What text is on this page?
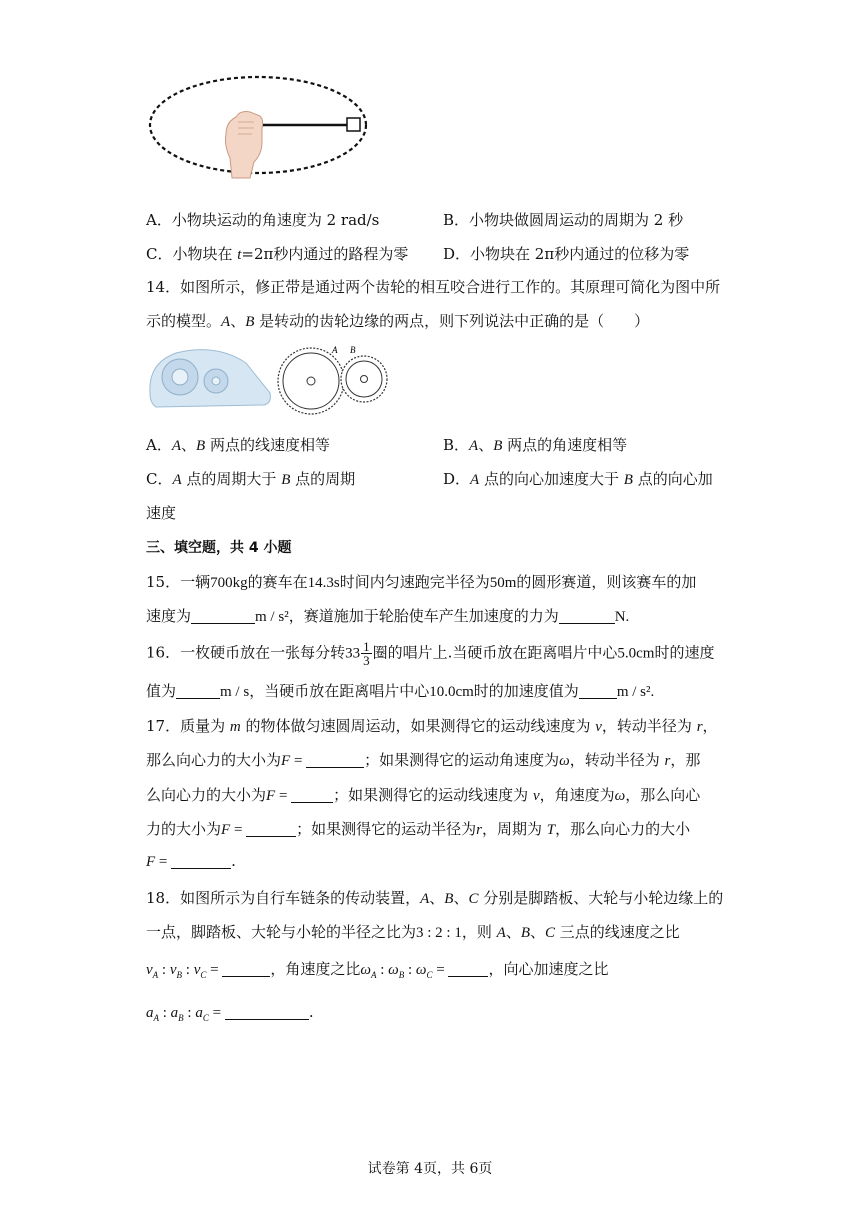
A．小物块运动的角速度为 2 rad/s	B．小物块做圆周运动的周期为 2 秒
C．小物块在 t=2π秒内通过的路程为零 D．小物块在 2π秒内通过的位移为零
14．如图所示，修正带是通过两个齿轮的相互咬合进行工作的。其原理可简化为图中所
示的模型。A、B 是转动的齿轮边缘的两点，则下列说法中正确的是（　　）
A B
A．A、B 两点的线速度相等	B．A、B 两点的角速度相等
C．A 点的周期大于 B 点的周期	D．A 点的向心加速度大于 B 点的向心加
速度
三、填空题，共 4 小题
15．一辆700kg的赛车在14.3s时间内匀速跑完半径为50m的圆形赛道，则该赛车的加
速度为	m / s²，赛道施加于轮胎使车产生加速度的力为	N.
16．一枚硬币放在一张每分转$33 \frac{1}{3}$ 圈的唱片上.当硬币放在距离唱片中心5.0cm时的速度
值为	m / s，当硬币放在距离唱片中心10.0cm时的加速度值为	m / s².
17．质量为 m 的物体做匀速圆周运动，如果测得它的运动线速度为 v，转动半径为 r，
那么向心力的大小为F =	；如果测得它的运动角速度为ω，转动半径为 r，那
么向心力的大小为F =	；如果测得它的运动线速度为 v，角速度为ω，那么向心
力的大小为F =	；如果测得它的运动半径为r，周期为 T，那么向心力的大小
F =	.
18．如图所示为自行车链条的传动装置，A、B、C 分别是脚踏板、大轮与小轮边缘上的
一点，脚踏板、大轮与小轮的半径之比为3 : 2 : 1，则 A、B、C 三点的线速度之比
$v_A$ : $v_B$ : $v_C$ =	，角速度之比$\omega_A$ : $\omega_B$ : $\omega_C$ =	，向心加速度之比
$a_A$ : $a_B$ : $a_C$ =	.
试卷第 4页，共 6页
